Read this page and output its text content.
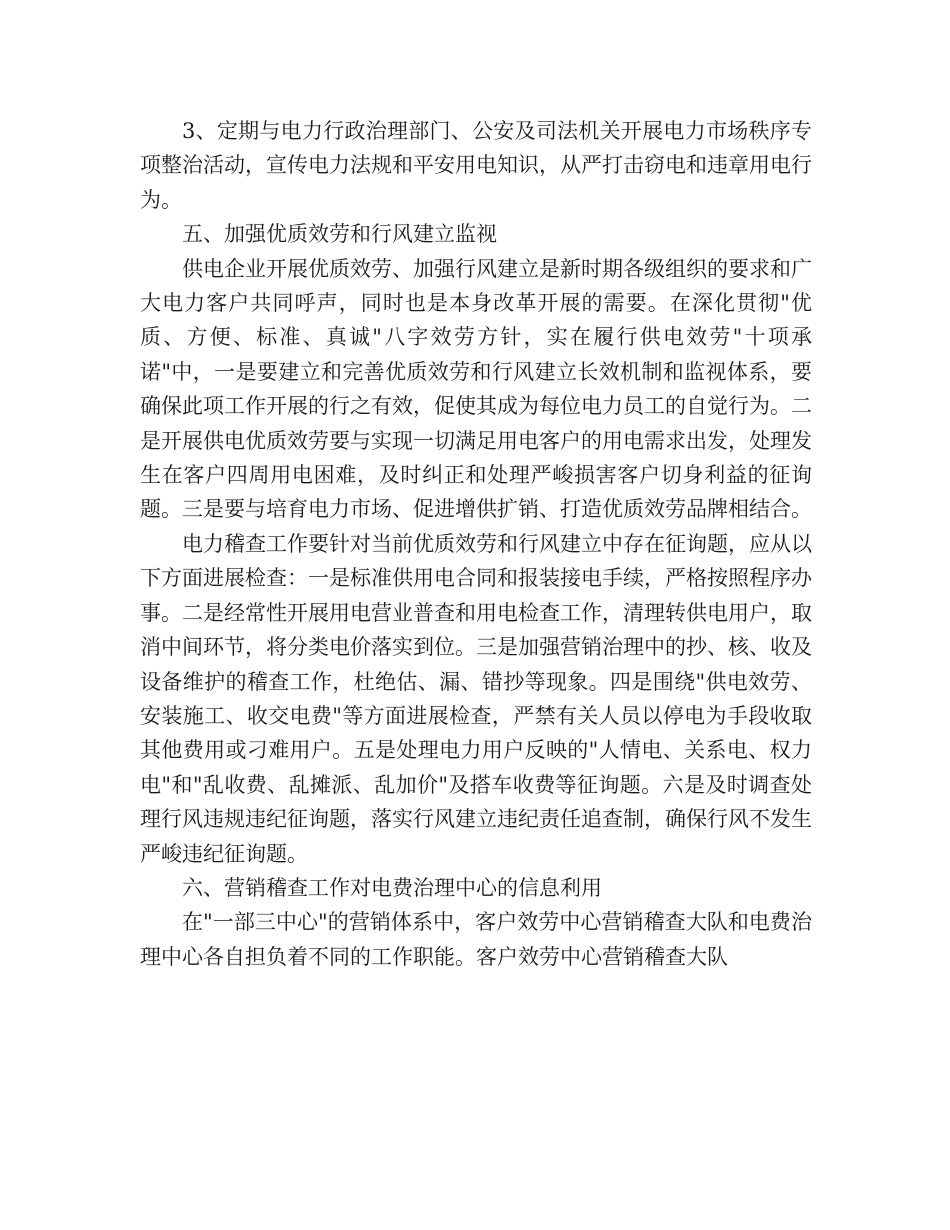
3、定期与电力行政治理部门、公安及司法机关开展电力市场秩序专项整治活动，宣传电力法规和平安用电知识，从严打击窃电和违章用电行为。

五、加强优质效劳和行风建立监视

供电企业开展优质效劳、加强行风建立是新时期各级组织的要求和广大电力客户共同呼声，同时也是本身改革开展的需要。在深化贯彻"优质、方便、标准、真诚"八字效劳方针，实在履行供电效劳"十项承诺"中，一是要建立和完善优质效劳和行风建立长效机制和监视体系，要确保此项工作开展的行之有效，促使其成为每位电力员工的自觉行为。二是开展供电优质效劳要与实现一切满足用电客户的用电需求出发，处理发生在客户四周用电困难，及时纠正和处理严峻损害客户切身利益的征询题。三是要与培育电力市场、促进增供扩销、打造优质效劳品牌相结合。

电力稽查工作要针对当前优质效劳和行风建立中存在征询题，应从以下方面进展检查：一是标准供用电合同和报装接电手续，严格按照程序办事。二是经常性开展用电营业普查和用电检查工作，清理转供电用户，取消中间环节，将分类电价落实到位。三是加强营销治理中的抄、核、收及设备维护的稽查工作，杜绝估、漏、错抄等现象。四是围绕"供电效劳、安装施工、收交电费"等方面进展检查，严禁有关人员以停电为手段收取其他费用或刁难用户。五是处理电力用户反映的"人情电、关系电、权力电"和"乱收费、乱摊派、乱加价"及搭车收费等征询题。六是及时调查处理行风违规违纪征询题，落实行风建立违纪责任追查制，确保行风不发生严峻违纪征询题。

六、营销稽查工作对电费治理中心的信息利用

在"一部三中心"的营销体系中，客户效劳中心营销稽查大队和电费治理中心各自担负着不同的工作职能。客户效劳中心营销稽查大队
